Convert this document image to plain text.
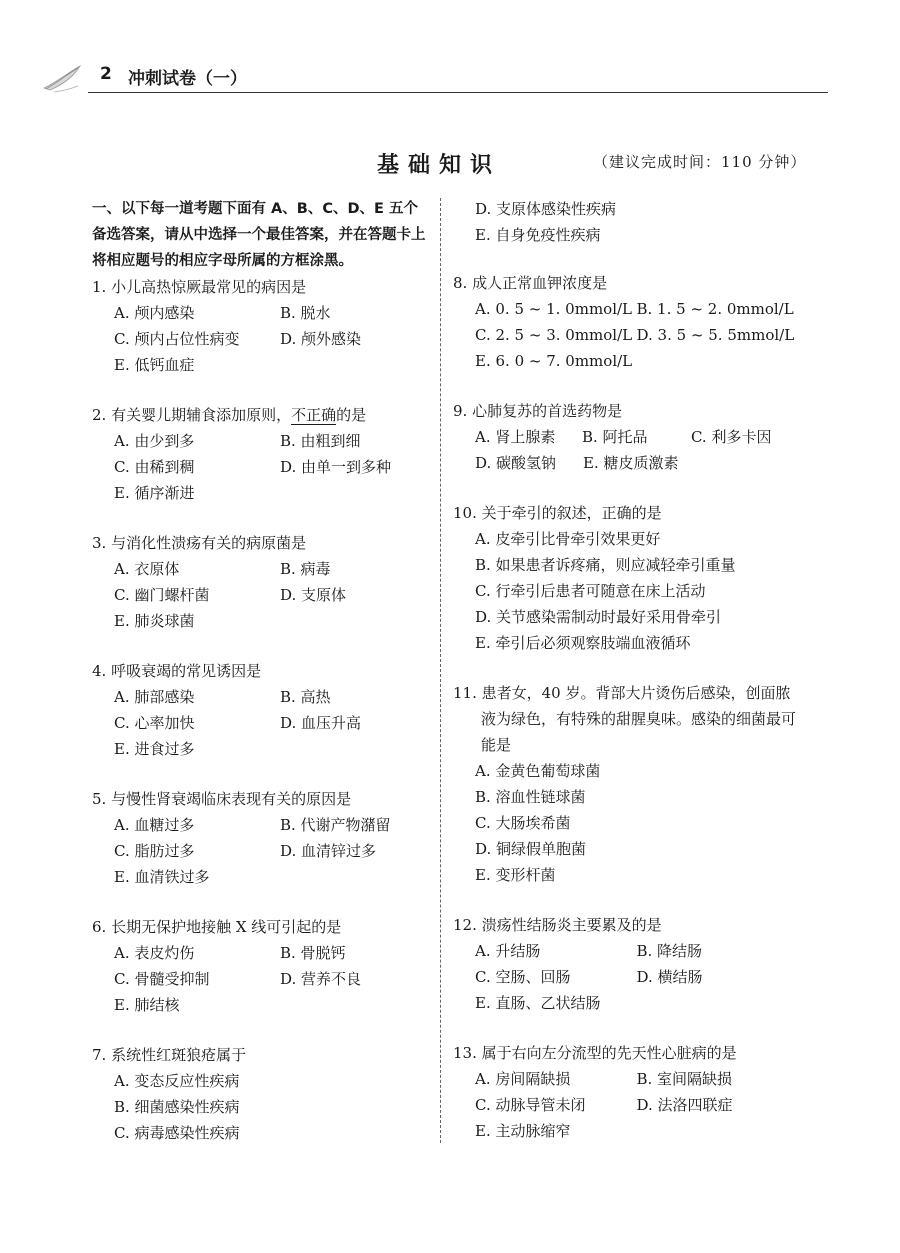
2 冲刺试卷（一）
基础知识	（建议完成时间：110 分钟）

一、以下每一道考题下面有 A、B、C、D、E 五个备选答案，请从中选择一个最佳答案，并在答题卡上将相应题号的相应字母所属的方框涂黑。

1. 小儿高热惊厥最常见的病因是

A. 颅内感染	B. 脱水
C. 颅内占位性病变	D. 颅外感染
E. 低钙血症

2. 有关婴儿期辅食添加原则，不正确的是

A. 由少到多	B. 由粗到细
C. 由稀到稠	D. 由单一到多种
E. 循序渐进

3. 与消化性溃疡有关的病原菌是

A. 衣原体	B. 病毒
C. 幽门螺杆菌	D. 支原体
E. 肺炎球菌

4. 呼吸衰竭的常见诱因是

A. 肺部感染	B. 高热
C. 心率加快	D. 血压升高
E. 进食过多

5. 与慢性肾衰竭临床表现有关的原因是

A. 血糖过多	B. 代谢产物潴留
C. 脂肪过多	D. 血清锌过多
E. 血清铁过多

6. 长期无保护地接触 X 线可引起的是

A. 表皮灼伤	B. 骨脱钙
C. 骨髓受抑制	D. 营养不良
E. 肺结核

7. 系统性红斑狼疮属于

A. 变态反应性疾病
B. 细菌感染性疾病
C. 病毒感染性疾病
D. 支原体感染性疾病
E. 自身免疫性疾病

8. 成人正常血钾浓度是

A. 0. 5 ~ 1. 0mmol/L B. 1. 5 ~ 2. 0mmol/L
C. 2. 5 ~ 3. 0mmol/L D. 3. 5 ~ 5. 5mmol/L
E. 6. 0 ~ 7. 0mmol/L

9. 心肺复苏的首选药物是

A. 肾上腺素	B. 阿托品	C. 利多卡因
D. 碳酸氢钠	E. 糖皮质激素

10. 关于牵引的叙述，正确的是

A. 皮牵引比骨牵引效果更好
B. 如果患者诉疼痛，则应减轻牵引重量
C. 行牵引后患者可随意在床上活动
D. 关节感染需制动时最好采用骨牵引
E. 牵引后必须观察肢端血液循环

11. 患者女，40 岁。背部大片烫伤后感染，创面脓液为绿色，有特殊的甜腥臭味。感染的细菌最可能是

A. 金黄色葡萄球菌
B. 溶血性链球菌
C. 大肠埃希菌
D. 铜绿假单胞菌
E. 变形杆菌

12. 溃疡性结肠炎主要累及的是

A. 升结肠	B. 降结肠
C. 空肠、回肠	D. 横结肠
E. 直肠、乙状结肠

13. 属于右向左分流型的先天性心脏病的是

A. 房间隔缺损	B. 室间隔缺损
C. 动脉导管未闭	D. 法洛四联症
E. 主动脉缩窄
